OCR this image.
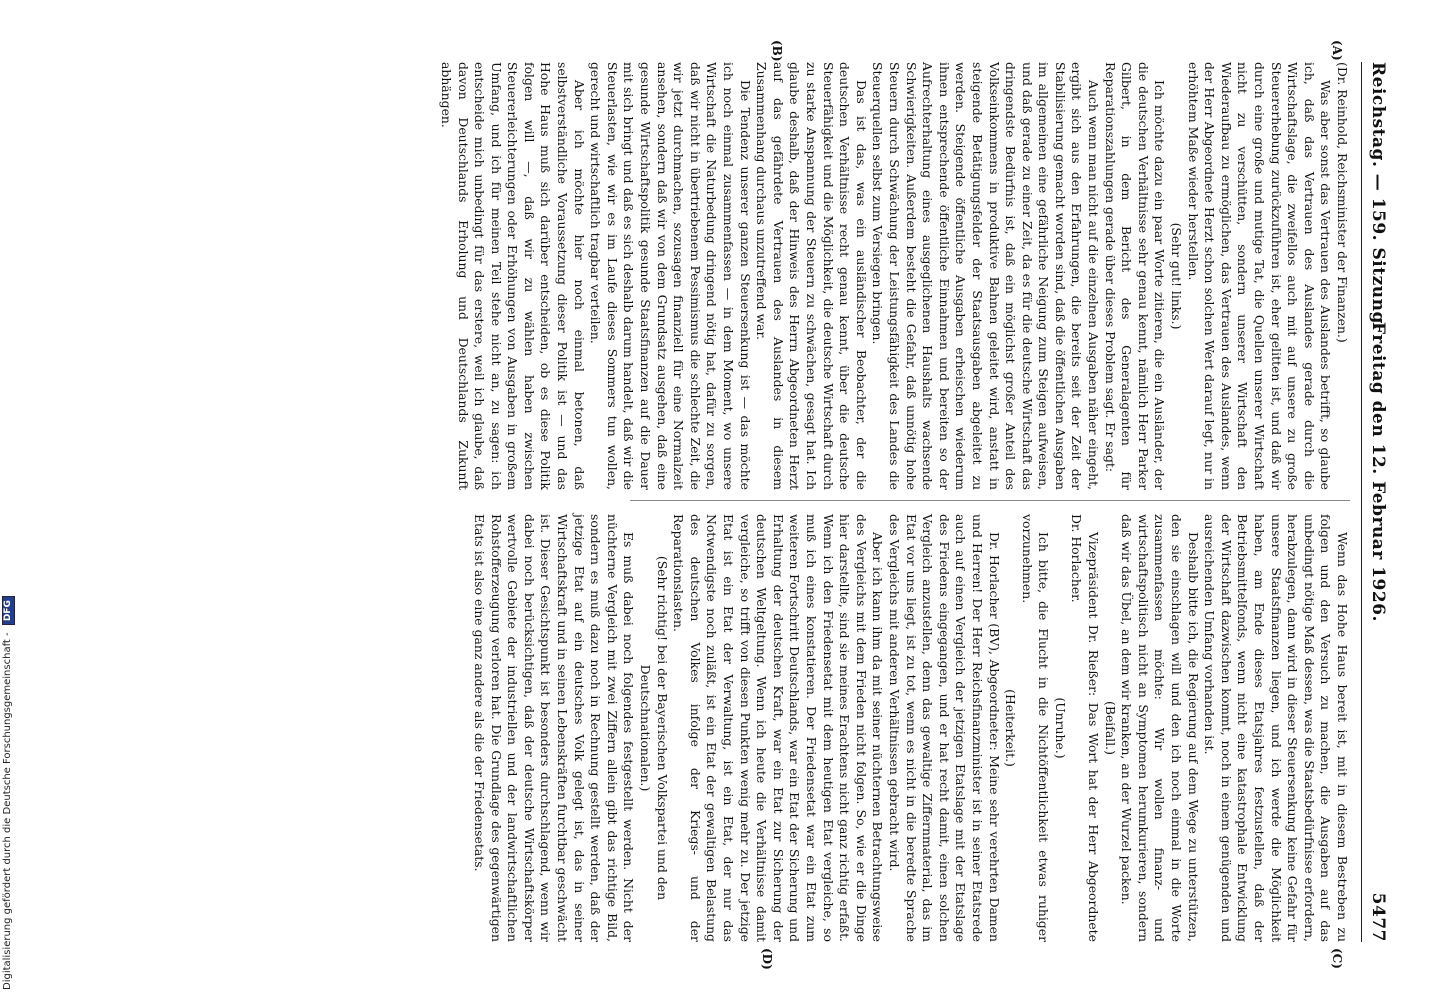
Reichstag. — 159. Sitzung.
Freitag den 12. Februar 1926.
5477
(A)
(B)
(C)
(D)

(Dr. Reinhold, Reichsminister der Finanzen.)

Was aber sonst das Vertrauen des Auslandes betrifft, so glaube ich, daß das Vertrauen des Auslandes gerade durch die Wirtschaftslage, die zweifellos auch mit auf unsere zu große Steuererhebung zurückzuführen ist, eher gelitten ist, und daß wir durch eine große und mutige Tat, die Quellen unserer Wirtschaft nicht zu verschütten, sondern unserer Wirtschaft den Wiederaufbau zu ermöglichen, das Vertrauen des Auslandes, wenn der Herr Abgeordnete Herzt schon solchen Wert darauf legt, nur in erhöhtem Maße wieder herstellen.

(Sehr gut! links.)

Ich möchte dazu ein paar Worte zitieren, die ein Ausländer, der die deutschen Verhältnisse sehr genau kennt, nämlich Herr Parker Gilbert, in dem Bericht des Generalagenten für Reparationszahlungen gerade über dieses Problem sagt. Er sagt:

Auch wenn man nicht auf die einzelnen Ausgaben näher eingeht, ergibt sich aus den Erfahrungen, die bereits seit der Zeit der Stabilisierung gemacht worden sind, daß die öffentlichen Ausgaben im allgemeinen eine gefährliche Neigung zum Steigen aufweisen, und daß gerade zu einer Zeit, da es für die deutsche Wirtschaft das dringendste Bedürfnis ist, daß ein möglichst großer Anteil des Volkseinkommens in produktive Bahnen geleitet wird, anstatt in steigende Betätigungsfelder der Staatsausgaben abgeleitet zu werden. Steigende öffentliche Ausgaben erheischen wiederum ihnen entsprechende öffentliche Einnahmen und bereiten so der Aufrechterhaltung eines ausgeglichenen Haushalts wachsende Schwierigkeiten. Außerdem besteht die Gefahr, daß unnötig hohe Steuern durch Schwächung der Leistungsfähigkeit des Landes die Steuerquellen selbst zum Versiegen bringen.

Das ist das, was ein ausländischer Beobachter, der die deutschen Verhältnisse recht genau kennt, über die deutsche Steuerfähigkeit und die Möglichkeit, die deutsche Wirtschaft durch zu starke Anspannung der Steuern zu schwächen, gesagt hat. Ich glaube deshalb, daß der Hinweis des Herrn Abgeordneten Herzt auf das gefährdete Vertrauen des Auslandes in diesem Zusammenhang durchaus unzutreffend war.

Die Tendenz unserer ganzen Steuersenkung ist — das möchte ich noch einmal zusammenfassen — in dem Moment, wo unsere Wirtschaft die Naturbedung dringend nötig hat, dafür zu sorgen, daß wir nicht in übertriebenem Pessimismus die schlechte Zeit, die wir jetzt durchmachen, sozusagen finanziell für eine Normalzeit ansehen, sondern daß wir von dem Grundsatz ausgehen, daß eine gesunde Wirtschaftspolitik gesunde Staatsfinanzen auf die Dauer mit sich bringt und daß es sich deshalb darum handelt, daß wir die Steuerlasten, wie wir es im Laufe dieses Sommers tun wollen, gerecht und wirtschaftlich tragbar verteilen.

Aber ich möchte hier noch einmal betonen, daß selbstverständliche Voraussetzung dieser Politik ist — und das Hohe Haus muß sich darüber entscheiden, ob es diese Politik folgen will —, daß wir zu wählen haben zwischen Steuererleichterungen oder Erhöhungen von Ausgaben in großem Umfang, und ich für meinen Teil stehe nicht an, zu sagen: ich entscheide mich unbedingt für das erstere, weil ich glaube, daß davon Deutschlands Erholung und Deutschlands Zukunft abhängen.

Wenn das Hohe Haus bereit ist, mit in diesem Bestreben zu folgen und den Versuch zu machen, die Ausgaben auf das unbedingt nötige Maß dessen, was die Staatsbedürfnisse erfordern, herabzulegen, dann wird in dieser Steuersenkung keine Gefahr für unsere Staatsfinanzen liegen, und ich werde die Möglichkeit haben, am Ende dieses Etatsjahres festzustellen, daß der Betriebsmittelfonds, wenn nicht eine katastrophale Entwicklung der Wirtschaft dazwischen kommt, noch in einem genügenden und ausreichenden Umfang vorhanden ist.

Deshalb bitte ich, die Regierung auf dem Wege zu unterstützen, den sie einschlagen will und den ich noch einmal in die Worte zusammenfassen möchte: Wir wollen finanz- und wirtschaftspolitisch nicht an Symptomen herumkurieren, sondern daß wir das Übel, an dem wir kranken, an der Wurzel packen.

(Beifall.)

Vizepräsident Dr. Rießer: Das Wort hat der Herr Abgeordnete Dr. Horlacher.

(Unruhe.)

Ich bitte, die Flucht in die Nichtöffentlichkeit etwas ruhiger vorzunehmen.

(Heiterkeit.)

Dr. Horlacher (BV), Abgeordneter: Meine sehr verehrten Damen und Herren! Der Herr Reichsfinanzminister ist in seiner Etatsrede auch auf einen Vergleich der jetzigen Etatslage mit der Etatslage des Friedens eingegangen, und er hat recht damit, einen solchen Vergleich anzustellen, denn das gewaltige Ziffernmaterial, das im Etat vor uns liegt, ist zu tot, wenn es nicht in die beredte Sprache des Vergleichs mit anderen Verhältnissen gebracht wird.

Aber ich kann ihm da mit seiner nüchternen Betrachtungsweise des Vergleichs mit dem Frieden nicht folgen. So, wie er die Dinge hier darstellte, sind sie meines Erachtens nicht ganz richtig erfaßt. Wenn ich den Friedensetat mit dem heutigen Etat vergleiche, so muß ich eines konstatieren. Der Friedensetat war ein Etat zum weiteren Fortschritt Deutschlands, war ein Etat der Sicherung und Erhaltung der deutschen Kraft, war ein Etat zur Sicherung der deutschen Weltgeltung. Wenn ich heute die Verhältnisse damit vergleiche, so trifft von diesen Punkten wenig mehr zu. Der jetzige Etat ist ein Etat der Verwaltung, ist ein Etat, der nur das Notwendigste noch zuläßt, ist ein Etat der gewaltigen Belastung des deutschen Volkes infolge der Kriegs- und der Reparationslasten.

(Sehr richtig! bei der Bayerischen Volkspartei und den Deutschnationalen.)

Es muß dabei noch folgendes festgestellt werden. Nicht der nüchterne Vergleich mit zwei Ziffern allein gibt das richtige Bild, sondern es muß dazu noch in Rechnung gestellt werden, daß der jetzige Etat auf ein deutsches Volk gelegt ist, das in seiner Wirtschaftskraft und in seinen Lebenskräften furchtbar geschwächt ist. Dieser Gesichtspunkt ist besonders durchschlagend, wenn wir dabei noch berücksichtigen, daß der deutsche Wirtschaftskörper wertvolle Gebiete der industriellen und der landwirtschaftlichen Rohstofferzeugung verloren hat. Die Grundlage des gegenwärtigen Etats ist also eine ganz andere als die der Friedensetats.

Digitalisierung gefördert durch die Deutsche Forschungsgemeinschaft - DFG
